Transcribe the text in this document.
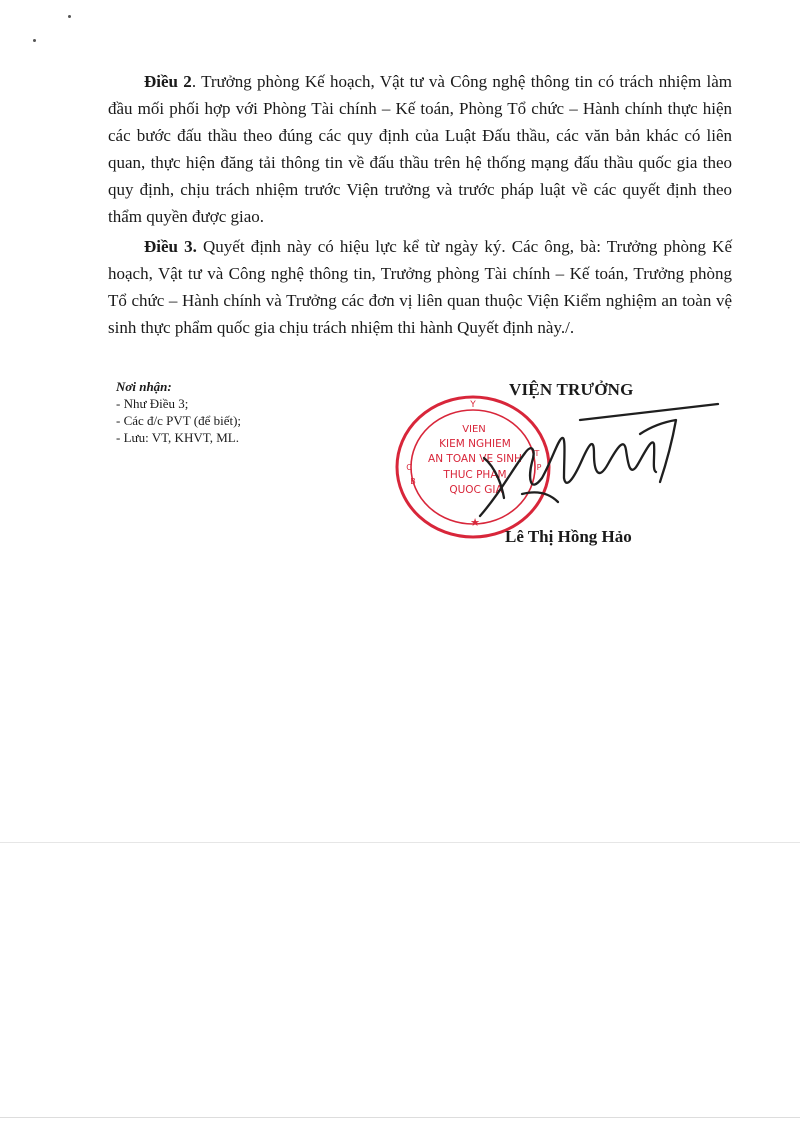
Điều 2. Trưởng phòng Kế hoạch, Vật tư và Công nghệ thông tin có trách nhiệm làm đầu mối phối hợp với Phòng Tài chính – Kế toán, Phòng Tổ chức – Hành chính thực hiện các bước đấu thầu theo đúng các quy định của Luật Đấu thầu, các văn bản khác có liên quan, thực hiện đăng tải thông tin về đấu thầu trên hệ thống mạng đấu thầu quốc gia theo quy định, chịu trách nhiệm trước Viện trưởng và trước pháp luật về các quyết định theo thẩm quyền được giao.

Điều 3. Quyết định này có hiệu lực kể từ ngày ký. Các ông, bà: Trưởng phòng Kế hoạch, Vật tư và Công nghệ thông tin, Trưởng phòng Tài chính – Kế toán, Trưởng phòng Tổ chức – Hành chính và Trưởng các đơn vị liên quan thuộc Viện Kiểm nghiệm an toàn vệ sinh thực phẩm quốc gia chịu trách nhiệm thi hành Quyết định này./.

Nơi nhận:
- Như Điều 3;
- Các đ/c PVT (để biết);
- Lưu: VT, KHVT, ML.
VIỆN TRƯỞNG
Y
VIEN
KIEM NGHIEM
AN TOAN VE SINH
THUC PHAM
QUOC GIA
C
B
T
P
★
Lê Thị Hồng Hảo
